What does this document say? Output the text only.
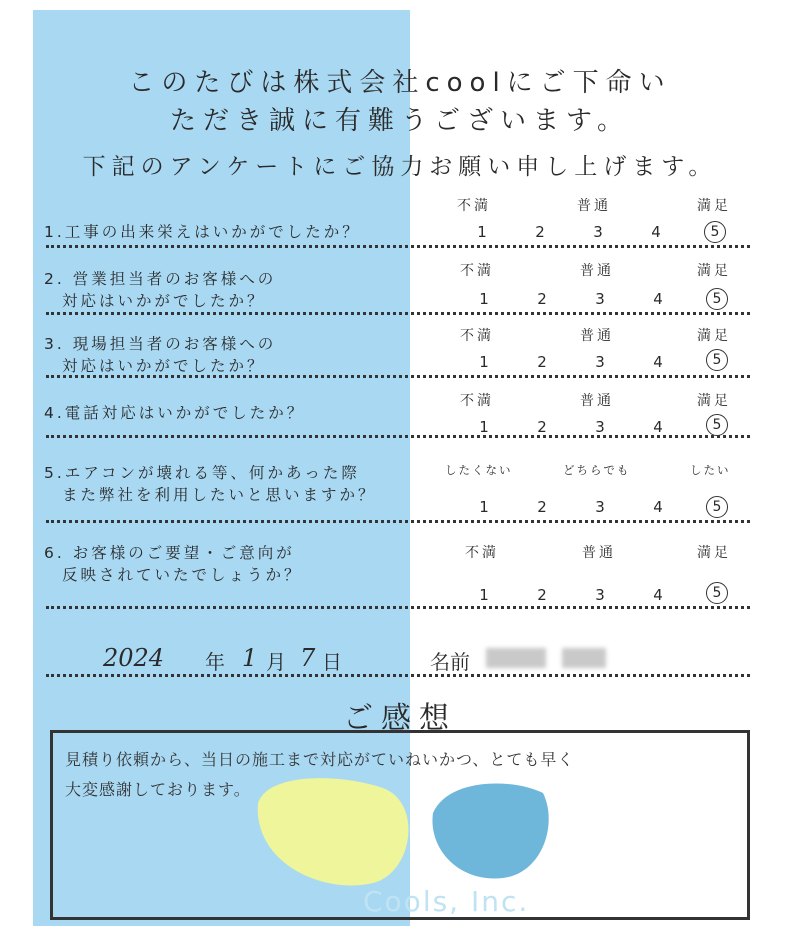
このたびは株式会社coolにご下命い
ただき誠に有難うございます。
下記のアンケートにご協力お願い申し上げます。
1.工事の出来栄えはいかがでしたか？
不満	普通	満足
1	2	3	4	5
2. 営業担当者のお客様への
対応はいかがでしたか？
不満	普通	満足
1	2	3	4	5
3. 現場担当者のお客様への
対応はいかがでしたか？
不満	普通	満足
1	2	3	4	5
4.電話対応はいかがでしたか？
不満	普通	満足
1	2	3	4	5
5.エアコンが壊れる等、何かあった際
また弊社を利用したいと思いますか？
したくない	どちらでも	したい
1	2	3	4	5
6. お客様のご要望・ご意向が
反映されていたでしょうか？
不満	普通	満足
1	2	3	4	5
2024 年 1 月 7 日	名前
ご感想
Cools, Inc.
見積り依頼から、当日の施工まで対応がていねいかつ、とても早く
大変感謝しております。
